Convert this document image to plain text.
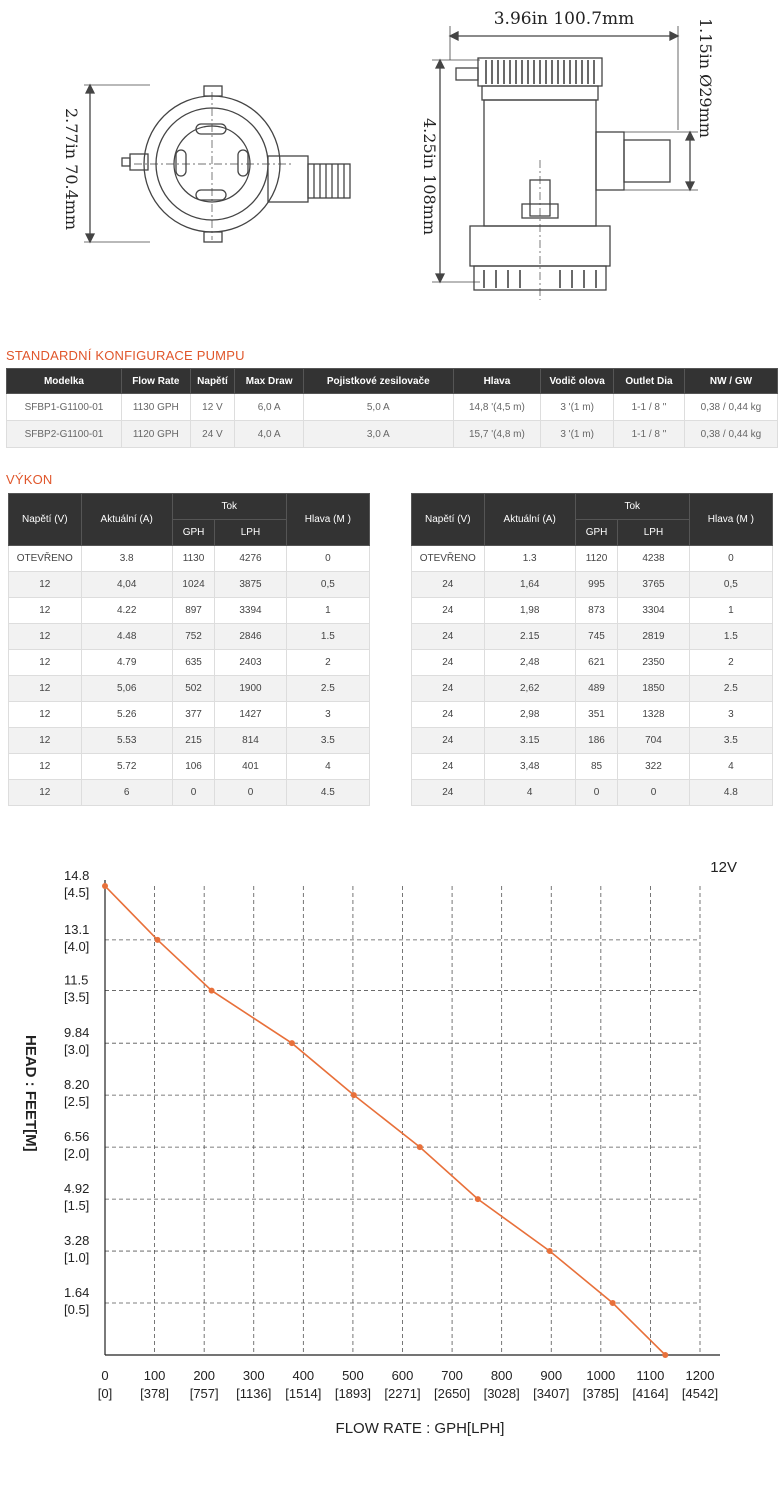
3.96in 100.7mm	1.15in Ø29mm
4.25in 108mm
2.77in 70.4mm
STANDARDNÍ KONFIGURACE PUMPU
Modelka	Flow Rate	Napětí	Max Draw	Pojistkové zesilovače	Hlava	Vodič olova	Outlet Dia	NW / GW
SFBP1-G1100-01	1130 GPH	12 V	6,0 A	5,0 A	14,8 '(4,5 m)	3 '(1 m)	1-1 / 8 "	0,38 / 0,44 kg
SFBP2-G1100-01	1120 GPH	24 V	4,0 A	3,0 A	15,7 '(4,8 m)	3 '(1 m)	1-1 / 8 "	0,38 / 0,44 kg
VÝKON
Napětí (V)	Aktuální (A)	Tok		Hlava (M )
		GPH	LPH	
OTEVŘENO	3.8	1130	4276	0
12	4,04	1024	3875	0,5
12	4.22	897	3394	1
12	4.48	752	2846	1.5
12	4.79	635	2403	2
12	5,06	502	1900	2.5
12	5.26	377	1427	3
12	5.53	215	814	3.5
12	5.72	106	401	4
12	6	0	0	4.5
Napětí (V)	Aktuální (A)	Tok		Hlava (M )
		GPH	LPH	
OTEVŘENO	1.3	1120	4238	0
24	1,64	995	3765	0,5
24	1,98	873	3304	1
24	2.15	745	2819	1.5
24	2,48	621	2350	2
24	2,62	489	1850	2.5
24	2,98	351	1328	3
24	3.15	186	704	3.5
24	3,48	85	322	4
24	4	0	0	4.8
0
[0]
100
[378]
200
[757]
300
[1136]
400
[1514]
500
[1893]
600
[2271]
700
[2650]
800
[3028]
900
[3407]
1000
[3785]
1100
[4164]
1200
[4542]
14.8
[4.5]
13.1
[4.0]
11.5
[3.5]
9.84
[3.0]
8.20
[2.5]
6.56
[2.0]
4.92
[1.5]
3.28
[1.0]
1.64
[0.5]
12V
FLOW RATE : GPH[LPH]
HEAD : FEET[M]
